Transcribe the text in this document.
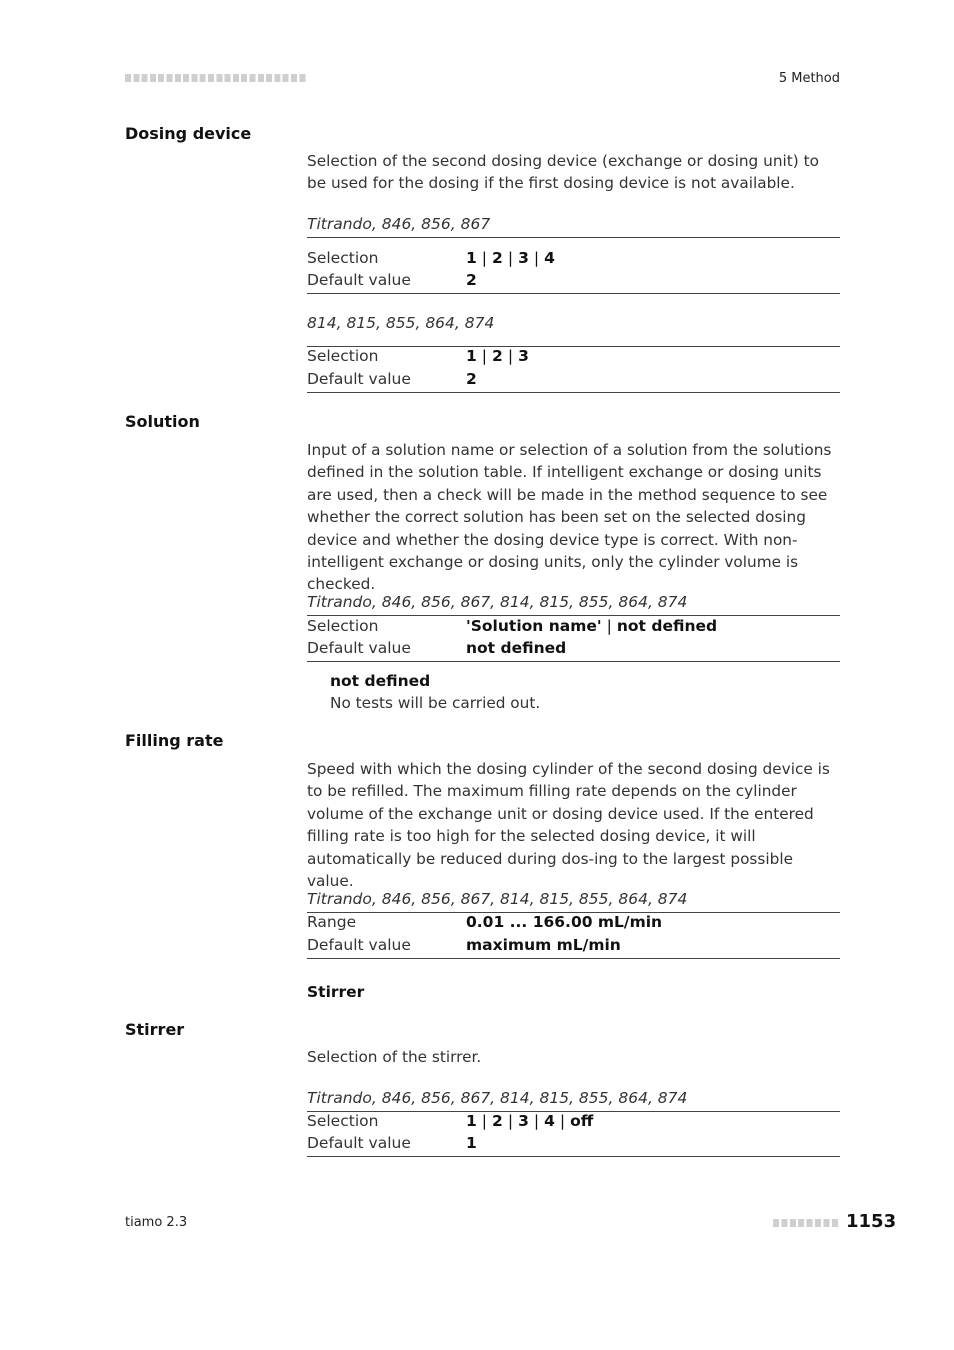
5 Method
Dosing device
Selection of the second dosing device (exchange or dosing unit) to be used for the dosing if the first dosing device is not available.
Titrando, 846, 856, 867
Selection	1 | 2 | 3 | 4
Default value	2
814, 815, 855, 864, 874
Selection	1 | 2 | 3
Default value	2
Solution
Input of a solution name or selection of a solution from the solutions defined in the solution table. If intelligent exchange or dosing units are used, then a check will be made in the method sequence to see whether the correct solution has been set on the selected dosing device and whether the dosing device type is correct. With non-intelligent exchange or dosing units, only the cylinder volume is checked.
Titrando, 846, 856, 867, 814, 815, 855, 864, 874
Selection	'Solution name' | not defined
Default value	not defined
not defined
No tests will be carried out.
Filling rate
Speed with which the dosing cylinder of the second dosing device is to be refilled. The maximum filling rate depends on the cylinder volume of the exchange unit or dosing device used. If the entered filling rate is too high for the selected dosing device, it will automatically be reduced during dos-ing to the largest possible value.
Titrando, 846, 856, 867, 814, 815, 855, 864, 874
Range	0.01 ... 166.00 mL/min
Default value	maximum mL/min
Stirrer
Stirrer
Selection of the stirrer.
Titrando, 846, 856, 867, 814, 815, 855, 864, 874
Selection	1 | 2 | 3 | 4 | off
Default value	1
tiamo 2.3	1153
